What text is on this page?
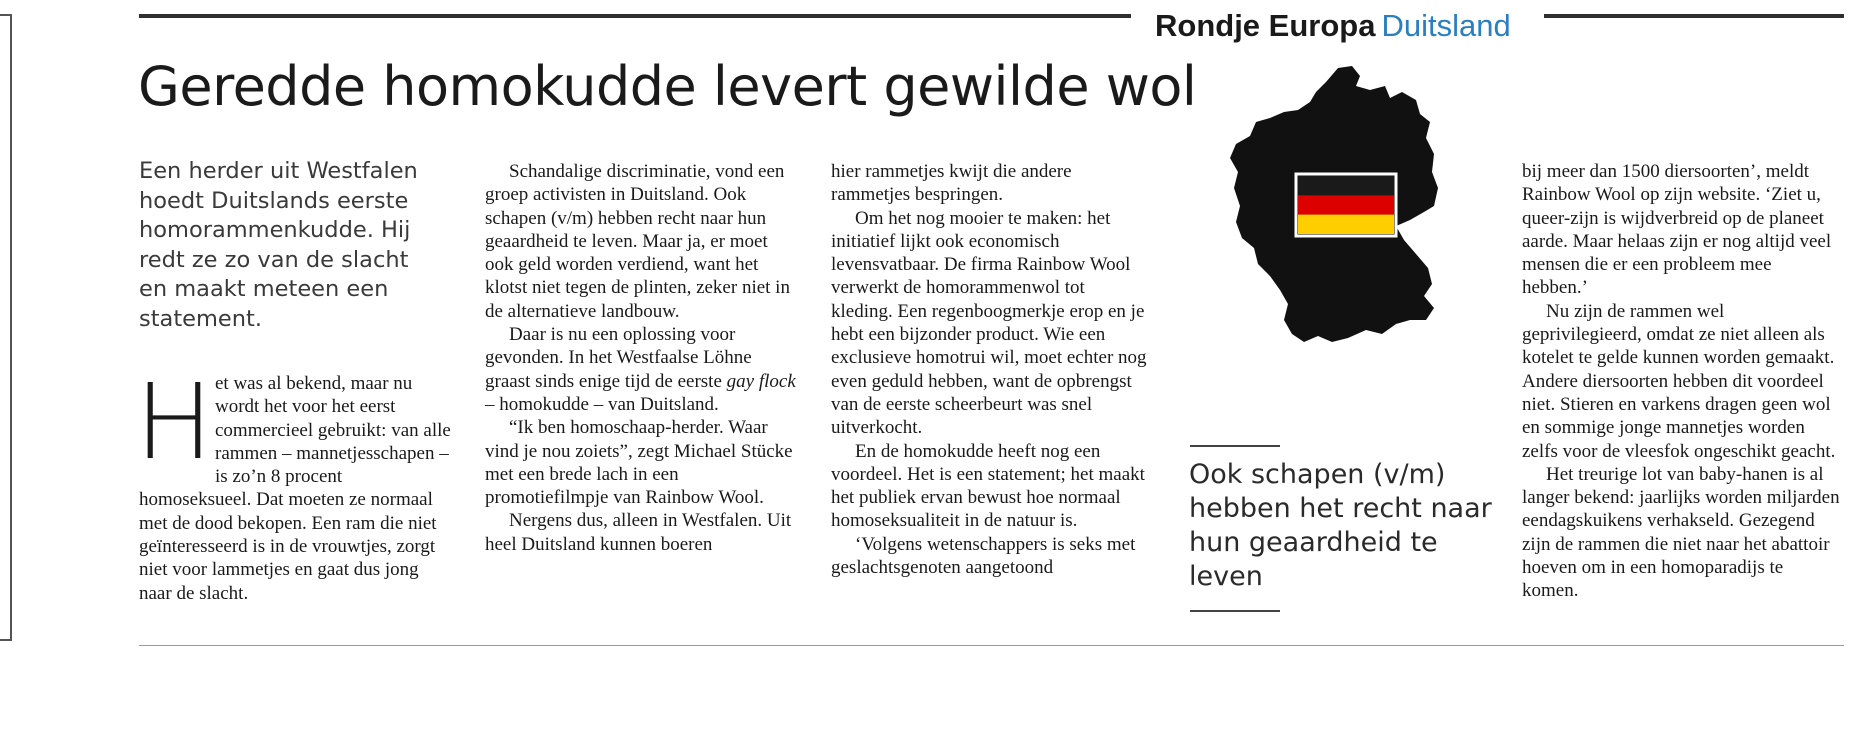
Rondje Europa Duitsland
Geredde homokudde levert gewilde wol

Een herder uit Westfalen hoedt Duitslands eerste homorammenkudde. Hij redt ze zo van de slacht en maakt meteen een statement.

H et was al bekend, maar nu wordt het voor het eerst commercieel gebruikt: van alle rammen – mannetjesschapen – is zo’n 8 procent homoseksueel. Dat moeten ze normaal met de dood bekopen. Een ram die niet geïnteresseerd is in de vrouwtjes, zorgt niet voor lammetjes en gaat dus jong naar de slacht.

Schandalige discriminatie, vond een groep activisten in Duitsland. Ook schapen (v/m) hebben recht naar hun geaardheid te leven. Maar ja, er moet ook geld worden verdiend, want het klotst niet tegen de plinten, zeker niet in de alternatieve landbouw.

Daar is nu een oplossing voor gevonden. In het Westfaalse Löhne graast sinds enige tijd de eerste gay flock – homokudde – van Duitsland.

“Ik ben homoschaap-herder. Waar vind je nou zoiets”, zegt Michael Stücke met een brede lach in een promotiefilmpje van Rainbow Wool.

Nergens dus, alleen in Westfalen. Uit heel Duitsland kunnen boeren

hier rammetjes kwijt die andere rammetjes bespringen.

Om het nog mooier te maken: het initiatief lijkt ook economisch levensvatbaar. De firma Rainbow Wool verwerkt de homorammenwol tot kleding. Een regenboogmerkje erop en je hebt een bijzonder product. Wie een exclusieve homotrui wil, moet echter nog even geduld hebben, want de opbrengst van de eerste scheerbeurt was snel uitverkocht.

En de homokudde heeft nog een voordeel. Het is een statement; het maakt het publiek ervan bewust hoe normaal homoseksualiteit in de natuur is.

‘Volgens wetenschappers is seks met geslachtsgenoten aangetoond

Ook schapen (v/m) hebben het recht naar hun geaardheid te leven

bij meer dan 1500 diersoorten’, meldt Rainbow Wool op zijn website. ‘Ziet u, queer-zijn is wijdverbreid op de planeet aarde. Maar helaas zijn er nog altijd veel mensen die er een probleem mee hebben.’

Nu zijn de rammen wel geprivilegieerd, omdat ze niet alleen als kotelet te gelde kunnen worden gemaakt. Andere diersoorten hebben dit voordeel niet. Stieren en varkens dragen geen wol en sommige jonge mannetjes worden zelfs voor de vleesfok ongeschikt geacht.

Het treurige lot van baby-hanen is al langer bekend: jaarlijks worden miljarden eendagskuikens verhakseld. Gezegend zijn de rammen die niet naar het abattoir hoeven om in een homoparadijs te komen.
